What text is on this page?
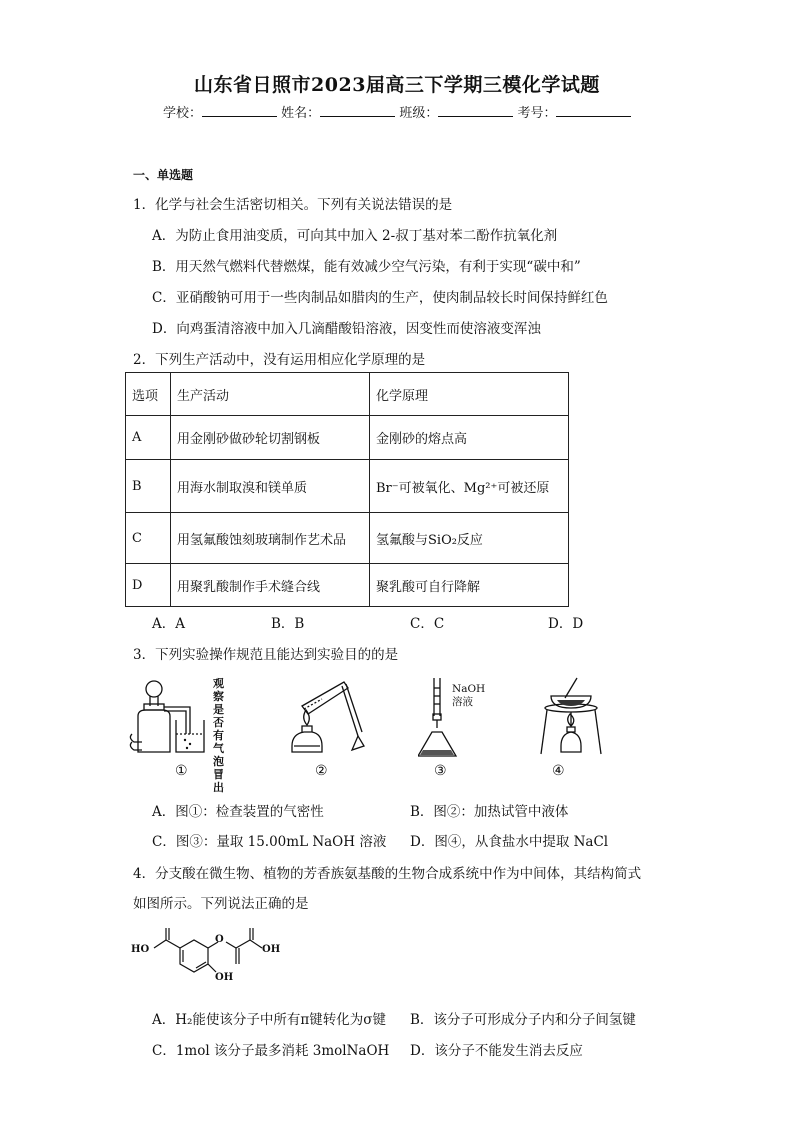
山东省日照市2023届高三下学期三模化学试题
学校：	姓名：	班级：	考号：
一、单选题
1．化学与社会生活密切相关。下列有关说法错误的是
A．为防止食用油变质，可向其中加入 2-叔丁基对苯二酚作抗氧化剂
B．用天然气燃料代替燃煤，能有效减少空气污染，有利于实现“碳中和”
C．亚硝酸钠可用于一些肉制品如腊肉的生产，使肉制品较长时间保持鲜红色
D．向鸡蛋清溶液中加入几滴醋酸铅溶液，因变性而使溶液变浑浊
2．下列生产活动中，没有运用相应化学原理的是
选项	生产活动	化学原理
A	用金刚砂做砂轮切割钢板	金刚砂的熔点高
B	用海水制取溴和镁单质	Br⁻可被氧化、Mg²⁺可被还原
C	用氢氟酸蚀刻玻璃制作艺术品	氢氟酸与SiO₂反应
D	用聚乳酸制作手术缝合线	聚乳酸可自行降解
A．A	B．B	C．C	D．D
3．下列实验操作规范且能达到实验目的的是
观
察
是否
有气
泡冒
出
①	②
NaOH
溶液
③	④
A．图①：检查装置的气密性	B．图②：加热试管中液体
C．图③：量取 15.00mL NaOH 溶液 D．图④，从食盐水中提取 NaCl
4．分支酸在微生物、植物的芳香族氨基酸的生物合成系统中作为中间体，其结构简式
如图所示。下列说法正确的是
HO
O
OH
OH
A．H₂能使该分子中所有π键转化为σ键 B．该分子可形成分子内和分子间氢键
C．1mol 该分子最多消耗 3molNaOH D．该分子不能发生消去反应
